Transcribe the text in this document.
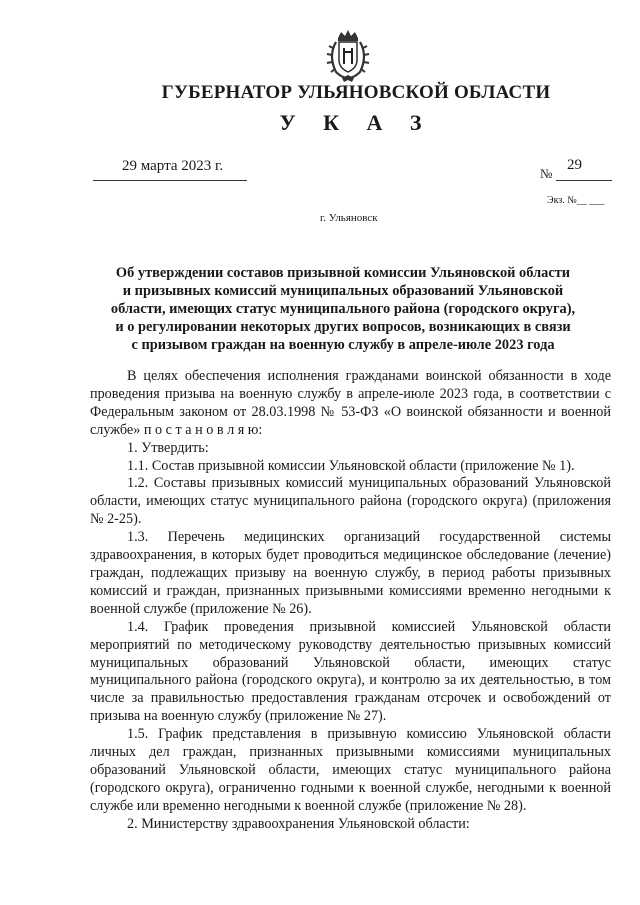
ГУБЕРНАТОР УЛЬЯНОВСКОЙ ОБЛАСТИ
У К А З
29 марта 2023 г.	№
29
Экз. №__ ___
г. Ульяновск
Об утверждении составов призывной комиссии Ульяновской области
и призывных комиссий муниципальных образований Ульяновской
области, имеющих статус муниципального района (городского округа),
и о регулировании некоторых других вопросов, возникающих в связи
с призывом граждан на военную службу в апреле-июле 2023 года
В целях обеспечения исполнения гражданами воинской обязанности в ходе проведения призыва на военную службу в апреле-июле 2023 года, в соответствии с Федеральным законом от 28.03.1998 № 53-ФЗ «О воинской обязанности и военной службе» п о с т а н о в л я ю:
1. Утвердить:
1.1. Состав призывной комиссии Ульяновской области (приложение № 1).
1.2. Составы призывных комиссий муниципальных образований Ульяновской области, имеющих статус муниципального района (городского округа) (приложения № 2-25).
1.3. Перечень медицинских организаций государственной системы здравоохранения, в которых будет проводиться медицинское обследование (лечение) граждан, подлежащих призыву на военную службу, в период работы призывных комиссий и граждан, признанных призывными комиссиями временно негодными к военной службе (приложение № 26).
1.4. График проведения призывной комиссией Ульяновской области мероприятий по методическому руководству деятельностью призывных комиссий муниципальных образований Ульяновской области, имеющих статус муниципального района (городского округа), и контролю за их деятельностью, в том числе за правильностью предоставления гражданам отсрочек и освобождений от призыва на военную службу (приложение № 27).
1.5. График представления в призывную комиссию Ульяновской области личных дел граждан, признанных призывными комиссиями муниципальных образований Ульяновской области, имеющих статус муниципального района (городского округа), ограниченно годными к военной службе, негодными к военной службе или временно негодными к военной службе (приложение № 28).
2. Министерству здравоохранения Ульяновской области:
